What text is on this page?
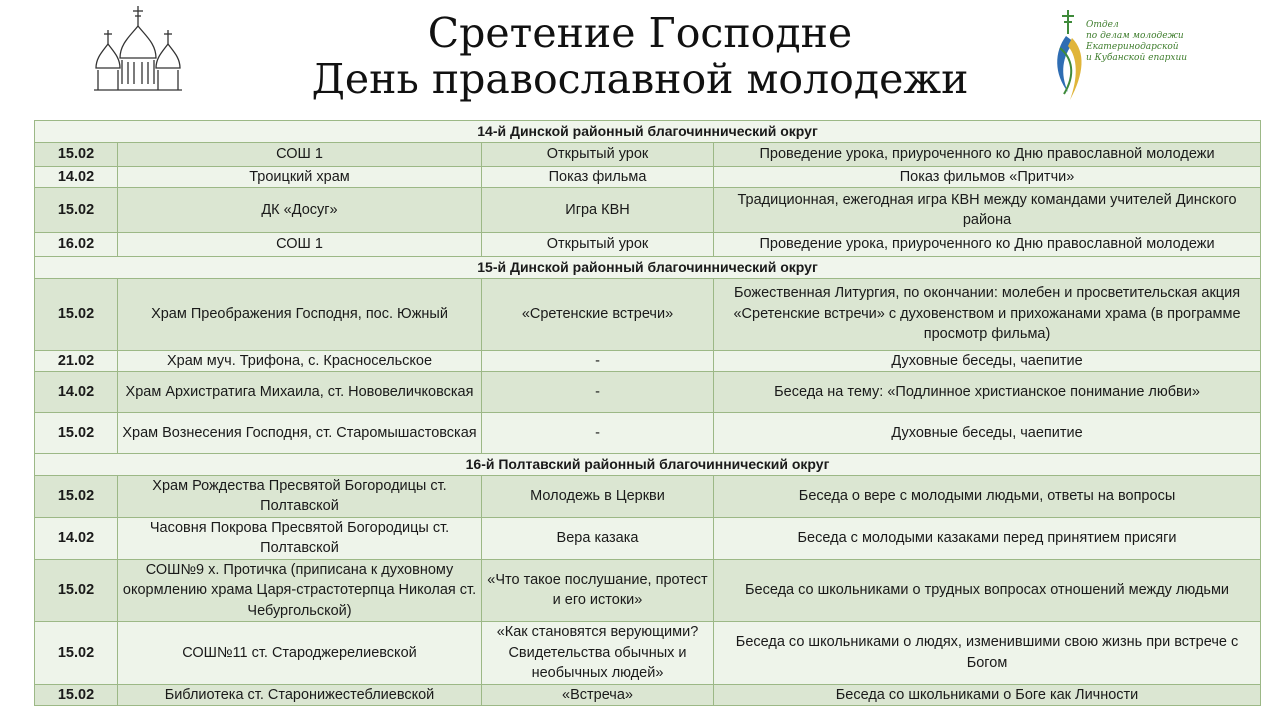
Сретение Господне
День православной молодежи
Отдел
по делам молодежи
Екатеринодарской
и Кубанской епархии
14-й Динской районный благочиннический округ			
15.02	СОШ 1	Открытый урок	Проведение урока, приуроченного ко Дню православной молодежи
14.02	Троицкий храм	Показ фильма	Показ фильмов «Притчи»
15.02	ДК «Досуг»	Игра КВН	Традиционная, ежегодная игра КВН между командами учителей Динского района
16.02	СОШ 1	Открытый урок	Проведение урока, приуроченного ко Дню православной молодежи
15-й Динской районный благочиннический округ			
15.02	Храм Преображения Господня, пос. Южный	«Сретенские встречи»	Божественная Литургия, по окончании: молебен и просветительская акция «Сретенские встречи» с духовенством и прихожанами храма (в программе просмотр фильма)
21.02	Храм муч. Трифона, с. Красносельское	-	Духовные беседы, чаепитие
14.02	Храм Архистратига Михаила, ст. Нововеличковская	-	Беседа на тему: «Подлинное христианское понимание любви»
15.02	Храм Вознесения Господня, ст. Старомышастовская	-	Духовные беседы, чаепитие
16-й Полтавский районный благочиннический округ			
15.02	Храм Рождества Пресвятой Богородицы ст. Полтавской	Молодежь в Церкви	Беседа о вере с молодыми людьми, ответы на вопросы
14.02	Часовня Покрова Пресвятой Богородицы ст. Полтавской	Вера казака	Беседа с молодыми казаками перед принятием присяги
15.02	СОШ№9 х. Протичка (приписана к духовному окормлению храма Царя-страстотерпца Николая ст. Чебургольской)	«Что такое послушание, протест и его истоки»	Беседа со школьниками о трудных вопросах отношений между людьми
15.02	СОШ№11 ст. Староджерелиевской	«Как становятся верующими? Свидетельства обычных и необычных людей»	Беседа со школьниками о людях, изменившими свою жизнь при встрече с Богом
15.02	Библиотека ст. Старонижестеблиевской	«Встреча»	Беседа со школьниками о Боге как Личности
